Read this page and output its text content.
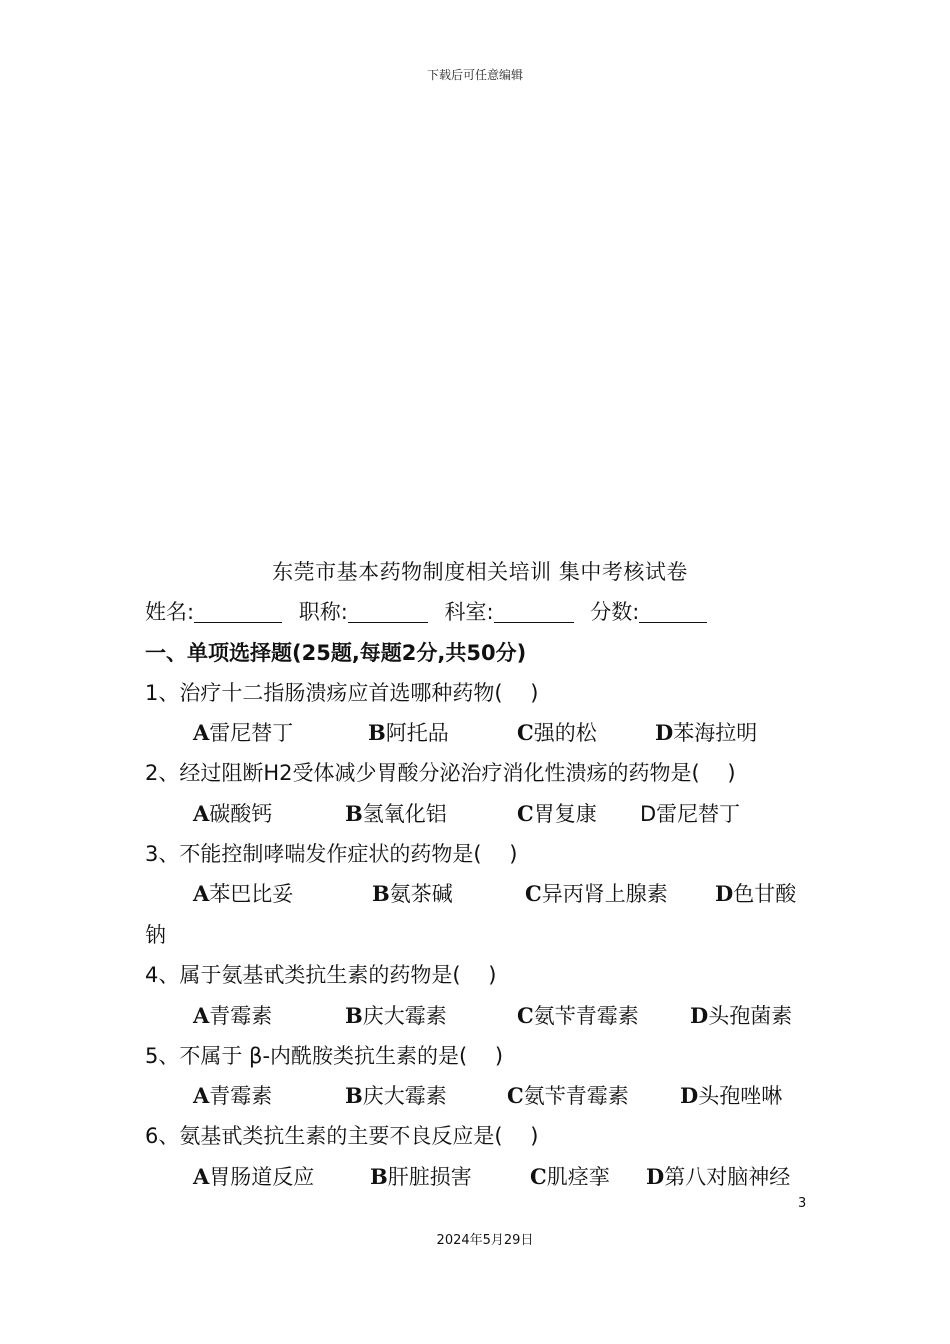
下载后可任意编辑
东莞市基本药物制度相关培训 集中考核试卷
姓名:	职称:	科室:	分数:
一、单项选择题(25题,每题2分,共50分)
1、治疗十二指肠溃疡应首选哪种药物(　 )
A雷尼替丁	B阿托品	C强的松	D苯海拉明
2、经过阻断H2受体减少胃酸分泌治疗消化性溃疡的药物是(　 )
A碳酸钙	B氢氧化铝	C胃复康 D雷尼替丁
3、不能控制哮喘发作症状的药物是(　 )
A苯巴比妥	B氨茶碱	C异丙肾上腺素 D色甘酸
钠
4、属于氨基甙类抗生素的药物是(　 )
A青霉素	B庆大霉素	C氨苄青霉素 D头孢菌素
5、不属于 β-内酰胺类抗生素的是(　 )
A青霉素	B庆大霉素	C氨苄青霉素 D头孢唑啉
6、氨基甙类抗生素的主要不良反应是(　 )
A胃肠道反应	B肝脏损害	C肌痉挛 D第八对脑神经
3
2024年5月29日
